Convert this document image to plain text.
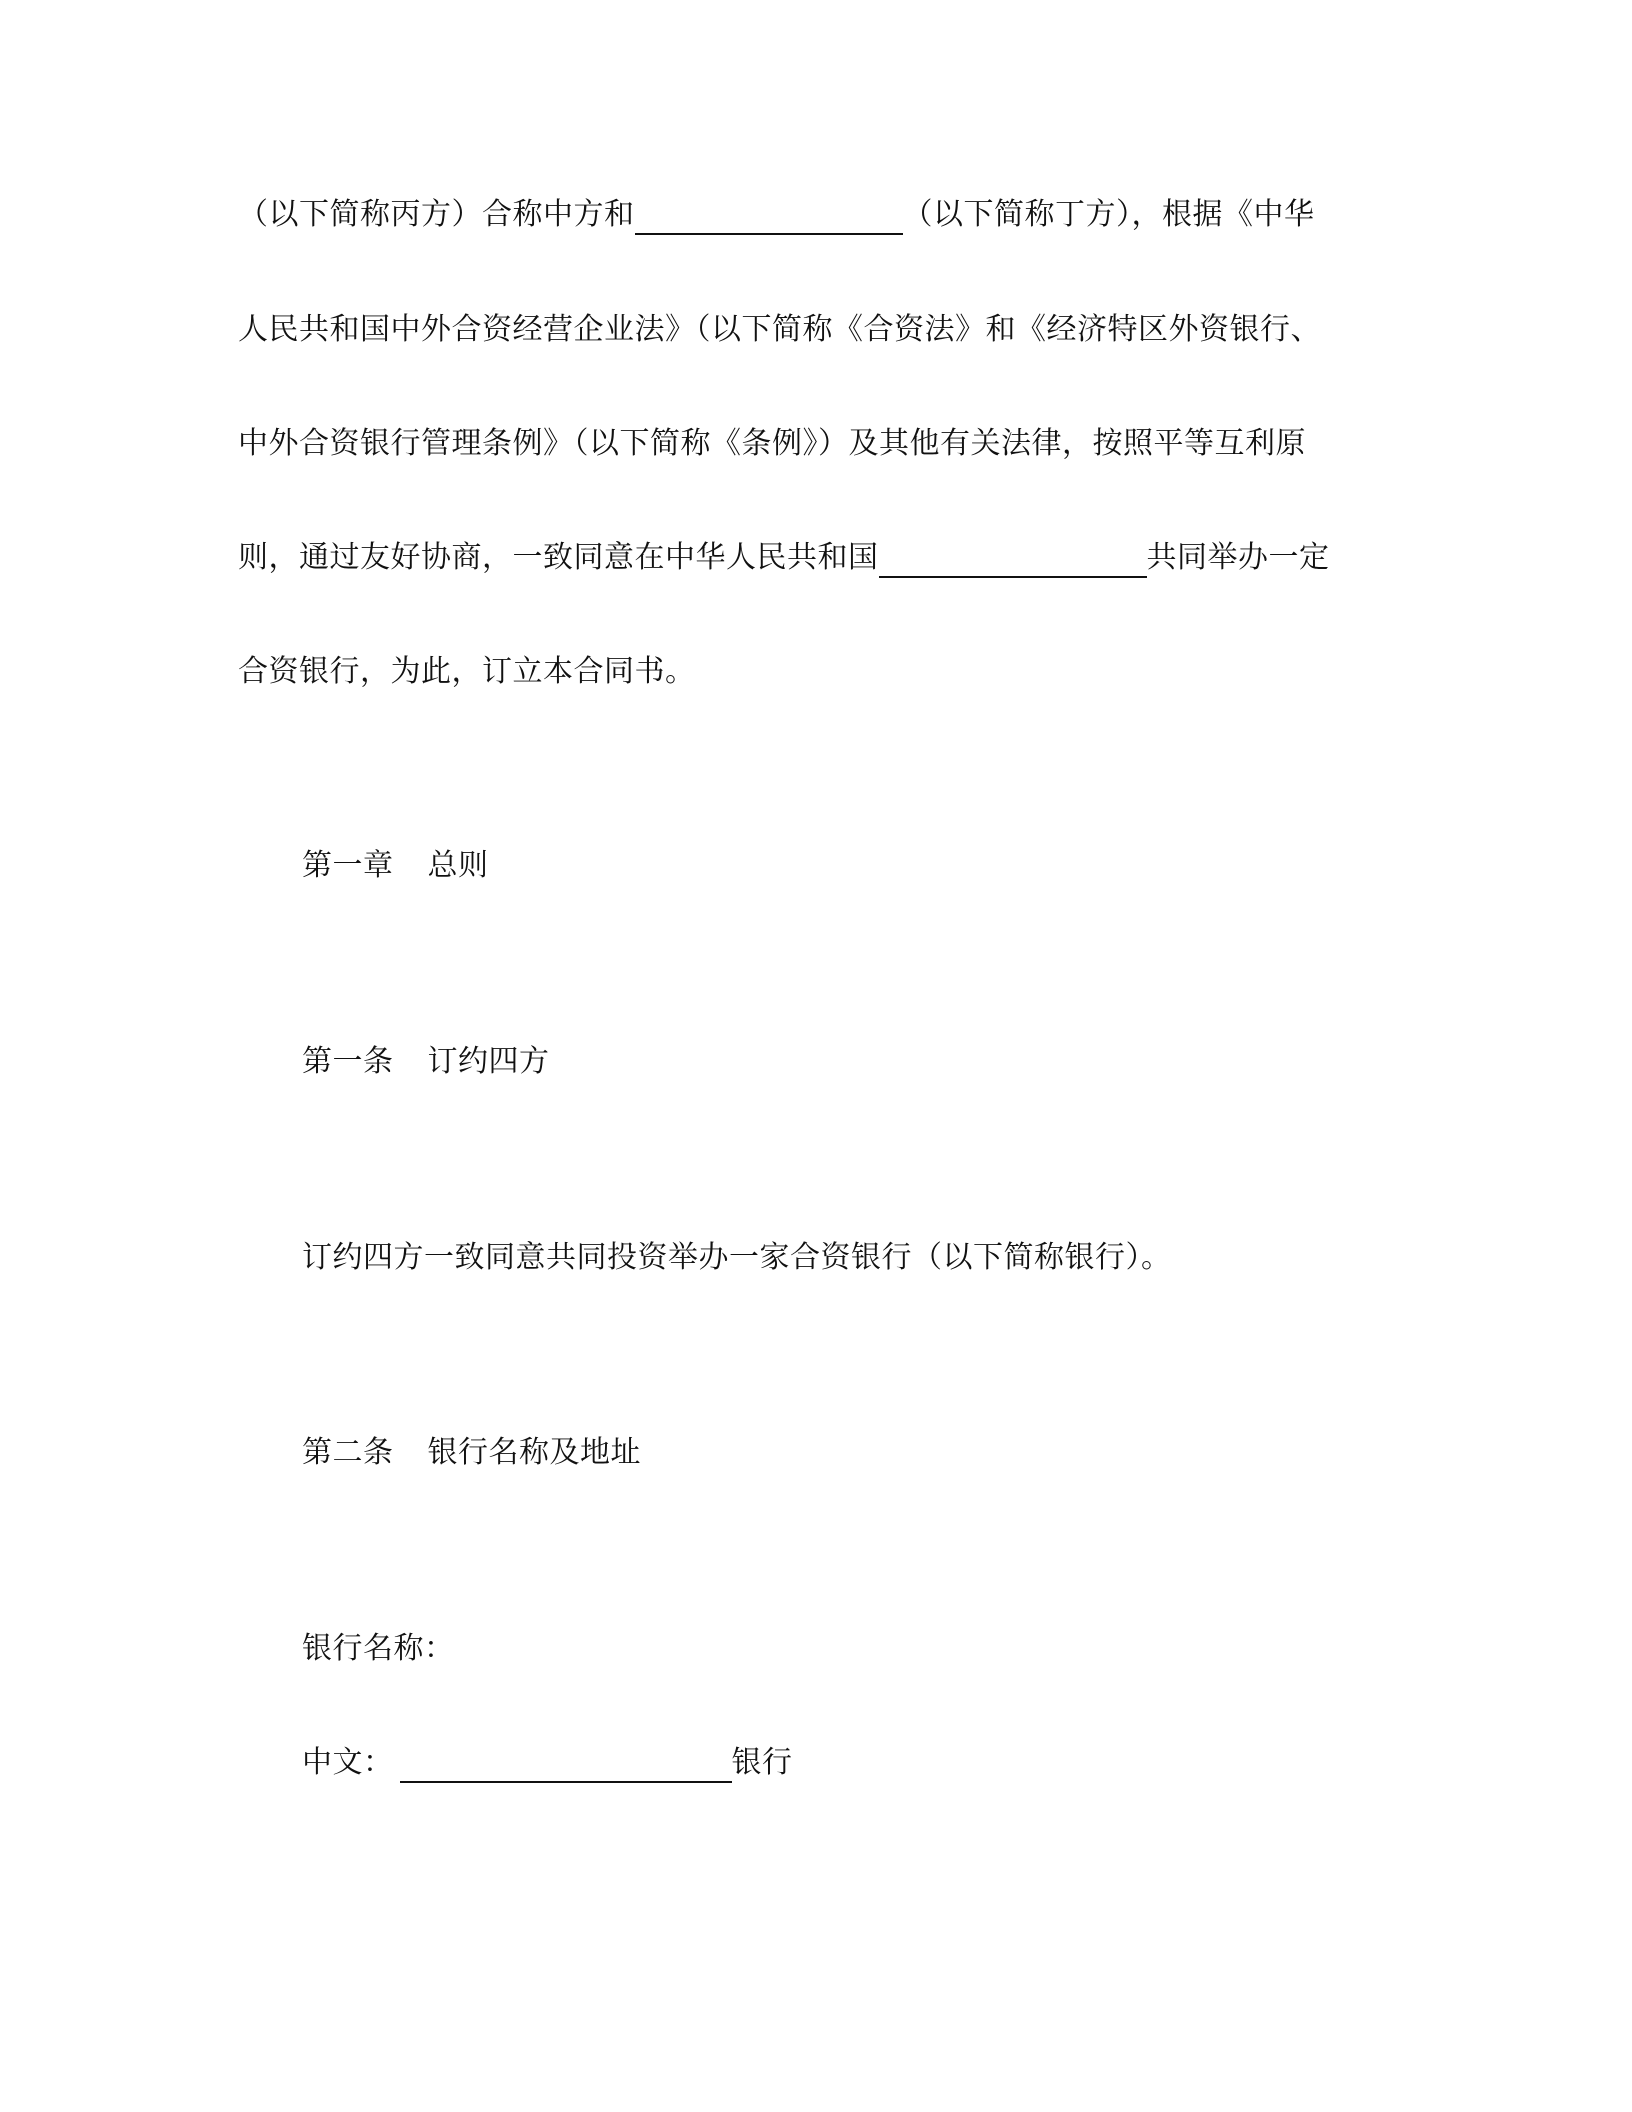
（以下简称丙方）合称中方和	（以下简称丁方），根据《中华
人民共和国中外合资经营企业法》（以下简称《合资法》和《经济特区外资银行、
中外合资银行管理条例》（以下简称《条例》）及其他有关法律，按照平等互利原
则，通过友好协商，一致同意在中华人民共和国	共同举办一定
合资银行，为此，订立本合同书。
第一章 总则
第一条 订约四方
订约四方一致同意共同投资举办一家合资银行（以下简称银行）。
第二条 银行名称及地址
银行名称：
中文：	银行
